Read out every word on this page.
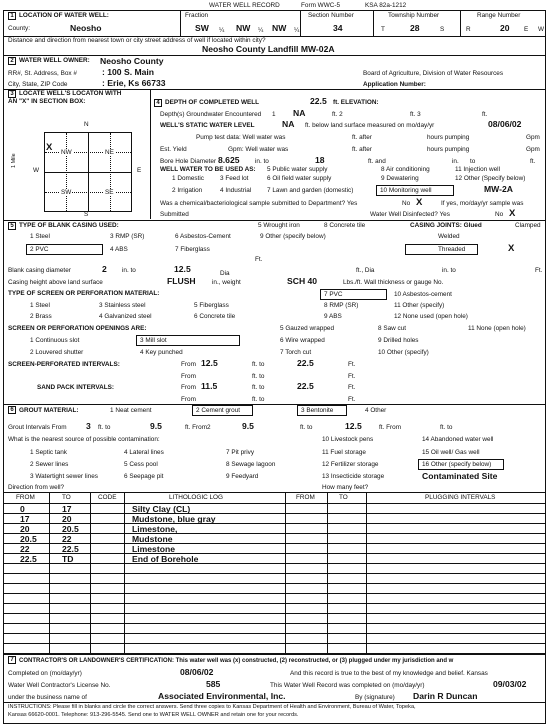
WATER WELL RECORD	Form WWC-5	KSA 82a-1212
1 LOCATION OF WATER WELL:	Fraction	Section Number	Township Number	Range Number
County:	Neosho	SW ¼ NW ¼ NW ¼	34	T	28	S	R	20 E W
Distance and direction from nearest town or city street address of well if located within city?
Neosho County Landfill MW-02A
2 WATER WELL OWNER: Neosho County
RR#, St. Address, Box #	: 100 S. Main	Board of Agriculture, Division of Water Resources
City, State, ZIP Code	: Erie, Ks 66733	Application Number:
3 LOCATE WELL'S LOCATON WITH
AN "X" IN SECTION BOX:
N
S
W	E
1 Mile
NW	NE
SW	SE
X
4 DEPTH OF COMPLETED WELL	22.5 ft. ELEVATION:
Depth(s) Groundwater Encountered 1 NA	ft. 2	ft. 3	ft.
WELL'S STATIC WATER LEVEL	NA ft. below land surface measured on mo/day/yr	08/06/02
Pump test data: Well water was	ft. after	hours pumping	Gpm
Est. Yield	Gpm: Well water was	ft. after	hours pumping	Gpm
Bore Hole Diameter 8.625 in. to	18	ft. and	in. to	ft.
WELL WATER TO BE USED AS:
1 Domestic	3 Feed lot
5 Public water supply
6 Oil field water supply
8 Air conditioning
9 Dewatering
11 Injection well
12 Other (Specify below)
2 Irrigation	4 Industrial 7 Lawn and garden (domestic)	10 Monitoring well	MW-2A
Was a chemical/bacteriological sample submitted to Department? Yes	No X	If yes, mo/day/yr sample was
Submitted	Water Well Disinfected? Yes	No X
5 TYPE OF BLANK CASING USED:	5 Wrought iron	8 Concrete tile	CASING JOINTS: Glued	Clamped
1 Steel	3 RMP (SR)	6 Asbestos-Cement	9 Other (specify below)	Welded
2 PVC	4 ABS	7 Fiberglass	Threaded	X
Ft.
Blank casing diameter	2 in. to	12.5	Dia	ft., Dia	in. to	Ft.
Casing height above land surface	FLUSH	in., weight	SCH 40	Lbs./ft. Wall thickness or gauge No.
TYPE OF SCREEN OR PERFORATION MATERIAL:	7 PVC	10 Asbestos-cement
1 Steel	3 Stainless steel	5 Fiberglass	8 RMP (SR)	11 Other (specify)
2 Brass	4 Galvanized steel	6 Concrete tile	9 ABS	12 None used (open hole)
SCREEN OR PERFORATION OPENINGS ARE:	5 Gauzed wrapped	8 Saw cut	11 None (open hole)
1 Continuous slot	3 Mill slot	6 Wire wrapped	9 Drilled holes
2 Louvered shutter	4 Key punched	7 Torch cut	10 Other (specify)
SCREEN-PERFORATED INTERVALS:	From 12.5	ft. to	22.5	Ft.
From	ft. to	Ft.
SAND PACK INTERVALS:	From 11.5	ft. to	22.5	Ft.
From	ft. to	Ft.
6 GROUT MATERIAL:	1 Neat cement	2 Cement grout	3 Bentonite	4 Other
Grout Intervals From 3 ft. to	9.5	ft. From2	9.5	ft. to	12.5	ft. From	ft. to
What is the nearest source of possible contamination:	10 Livestock pens	14 Abandoned water well
1 Septic tank	4 Lateral lines	7 Pit privy	11 Fuel storage	15 Oil well/ Gas well
2 Sewer lines	5 Cess pool	8 Sewage lagoon	12 Fertilizer storage	16 Other (specify below)
3 Watertight sewer lines	6 Seepage pit	9 Feedyard	13 Insecticide storage	Contaminated Site
Direction from well?	How many feet?
FROM	TO	CODE	LITHOLOGIC LOG	FROM	TO	PLUGGING INTERVALS
0	17	Silty Clay (CL)
17	20	Mudstone, blue gray
20	20.5	Limestone,
20.5	22	Mudstone
22	22.5	Limestone
22.5	TD	End of Borehole
7 CONTRACTOR'S OR LANDOWNER'S CERTIFICATION: This water well was (x) constructed, (2) reconstructed, or (3) plugged under my jurisdiction and w
Completed on (mo/day/yr)	08/06/02	And this record is true to the best of my knowledge and belief. Kansas
Water Well Contractor's License No.	585	This Water Well Record was completed on (mo/day/yr)	09/03/02
under the business name of	Associated Environmental, Inc.	By (signature) Darin R Duncan
INSTRUCTIONS: Please fill in blanks and circle the correct answers. Send three copies to Kansas Department of Health and Environment, Bureau of Water, Topeka,
Kansas 66620-0001. Telephone: 913-296-5545. Send one to WATER WELL OWNER and retain one for your records.
